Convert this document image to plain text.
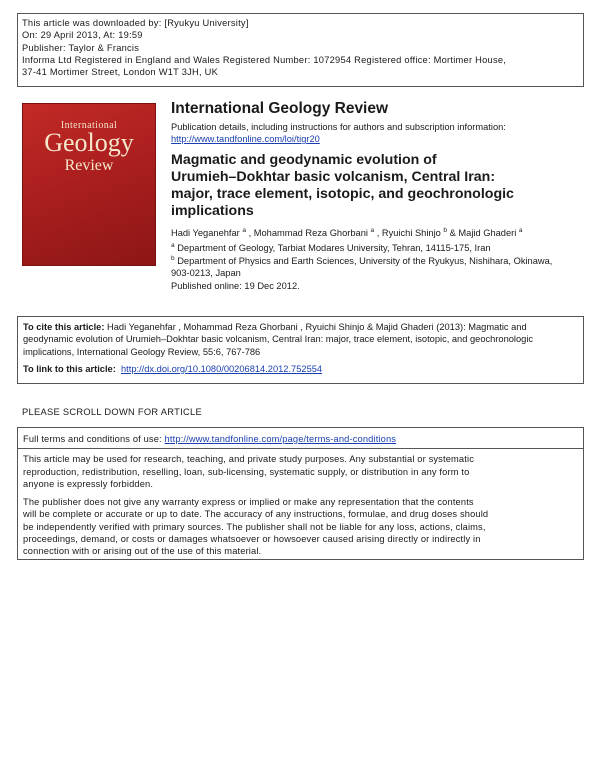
This article was downloaded by: [Ryukyu University]
On: 29 April 2013, At: 19:59
Publisher: Taylor & Francis
Informa Ltd Registered in England and Wales Registered Number: 1072954 Registered office: Mortimer House,
37-41 Mortimer Street, London W1T 3JH, UK
International
Geology
Review
International Geology Review
Publication details, including instructions for authors and subscription information:
http://www.tandfonline.com/loi/tigr20
Magmatic and geodynamic evolution of
Urumieh–Dokhtar basic volcanism, Central Iran:
major, trace element, isotopic, and geochronologic
implications
Hadi Yeganehfar $^a$ , Mohammad Reza Ghorbani $^a$ , Ryuichi Shinjo $^b$ & Majid Ghaderi $^a$
$^a$ Department of Geology, Tarbiat Modares University, Tehran, 14115-175, Iran
$^b$ Department of Physics and Earth Sciences, University of the Ryukyus, Nishihara, Okinawa,
903-0213, Japan
Published online: 19 Dec 2012.
To cite this article: Hadi Yeganehfar , Mohammad Reza Ghorbani , Ryuichi Shinjo & Majid Ghaderi (2013): Magmatic and
geodynamic evolution of Urumieh–Dokhtar basic volcanism, Central Iran: major, trace element, isotopic, and geochronologic
implications, International Geology Review, 55:6, 767-786
To link to this article: http://dx.doi.org/10.1080/00206814.2012.752554
PLEASE SCROLL DOWN FOR ARTICLE
Full terms and conditions of use: http://www.tandfonline.com/page/terms-and-conditions
This article may be used for research, teaching, and private study purposes. Any substantial or systematic
reproduction, redistribution, reselling, loan, sub-licensing, systematic supply, or distribution in any form to
anyone is expressly forbidden.
The publisher does not give any warranty express or implied or make any representation that the contents
will be complete or accurate or up to date. The accuracy of any instructions, formulae, and drug doses should
be independently verified with primary sources. The publisher shall not be liable for any loss, actions, claims,
proceedings, demand, or costs or damages whatsoever or howsoever caused arising directly or indirectly in
connection with or arising out of the use of this material.
